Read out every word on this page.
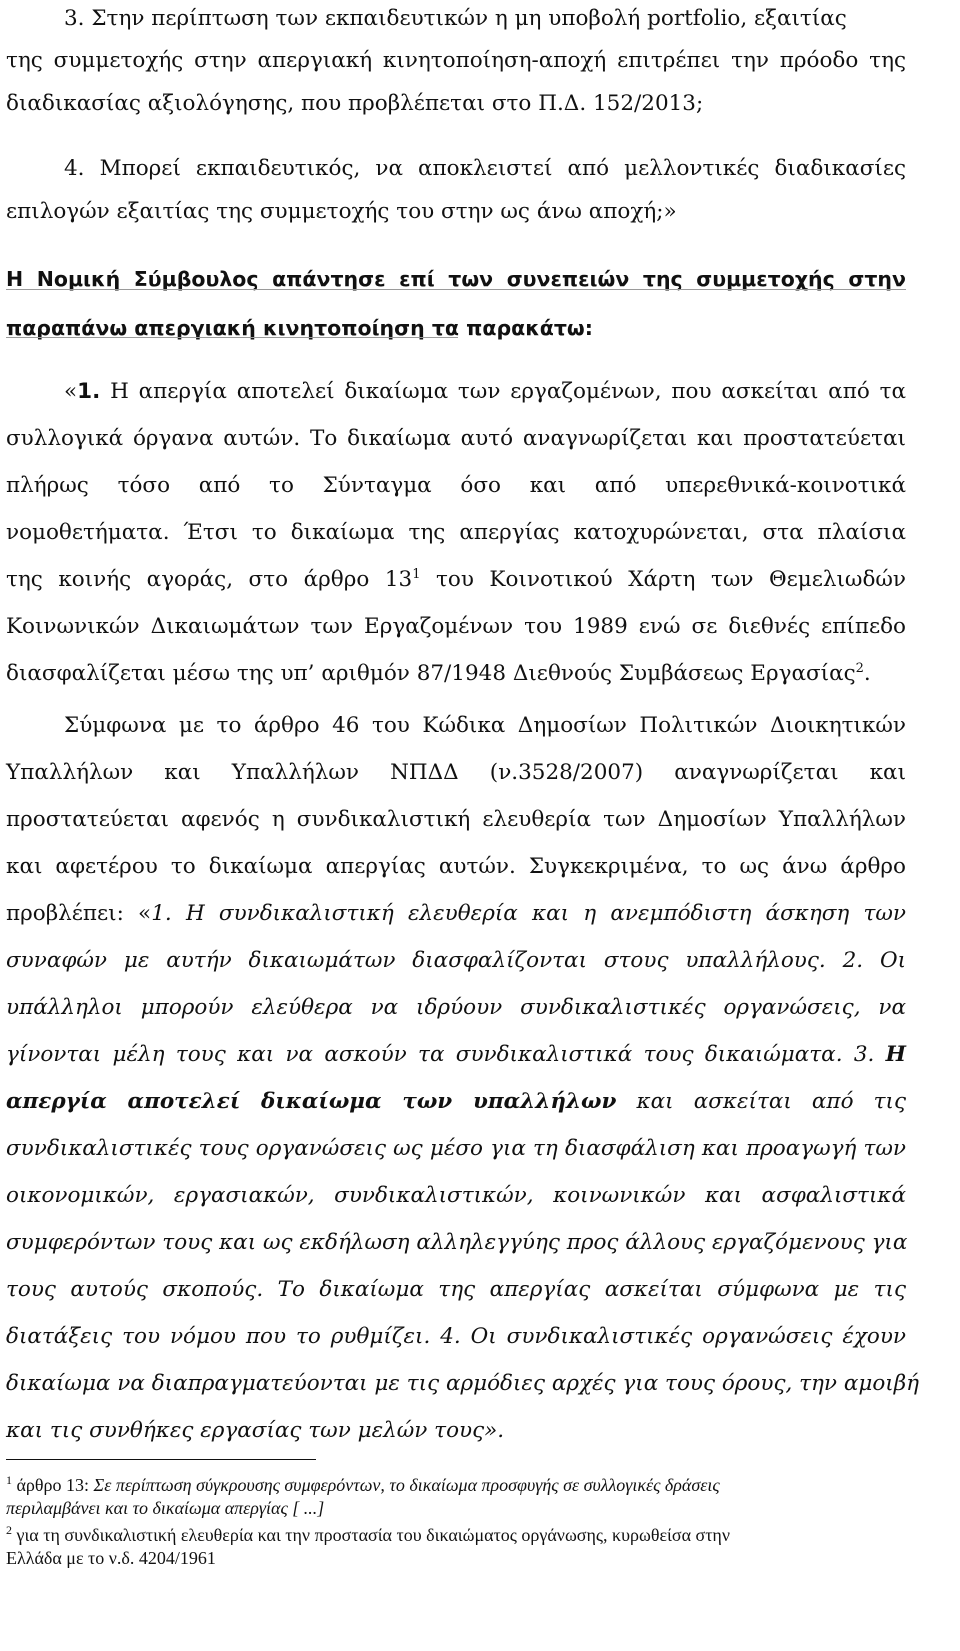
3. Στην περίπτωση των εκπαιδευτικών η μη υποβολή portfolio, εξαιτίας

της συμμετοχής στην απεργιακή κινητοποίηση-αποχή επιτρέπει την πρόοδο της

διαδικασίας αξιολόγησης, που προβλέπεται στο Π.Δ. 152/2013;

4. Μπορεί εκπαιδευτικός, να αποκλειστεί από μελλοντικές διαδικασίες

επιλογών εξαιτίας της συμμετοχής του στην ως άνω αποχή;»

Η Νομική Σύμβουλος απάντησε επί των συνεπειών της συμμετοχής στην

παραπάνω απεργιακή κινητοποίηση τα παρακάτω:

«1. Η απεργία αποτελεί δικαίωμα των εργαζομένων, που ασκείται από τα

συλλογικά όργανα αυτών. Το δικαίωμα αυτό αναγνωρίζεται και προστατεύεται

πλήρως τόσο από το Σύνταγμα όσο και από υπερεθνικά-κοινοτικά

νομοθετήματα. Έτσι το δικαίωμα της απεργίας κατοχυρώνεται, στα πλαίσια

της κοινής αγοράς, στο άρθρο $13^1$ του Κοινοτικού Χάρτη των Θεμελιωδών

Κοινωνικών Δικαιωμάτων των Εργαζομένων του 1989 ενώ σε διεθνές επίπεδο

διασφαλίζεται μέσω της υπ’ αριθμόν 87/1948 Διεθνούς Συμβάσεως Εργασίας$^2$.

Σύμφωνα με το άρθρο 46 του Κώδικα Δημοσίων Πολιτικών Διοικητικών

Υπαλλήλων και Υπαλλήλων ΝΠΔΔ (ν.3528/2007) αναγνωρίζεται και

προστατεύεται αφενός η συνδικαλιστική ελευθερία των Δημοσίων Υπαλλήλων

και αφετέρου το δικαίωμα απεργίας αυτών. Συγκεκριμένα, το ως άνω άρθρο

προβλέπει: «1. Η συνδικαλιστική ελευθερία και η ανεμπόδιστη άσκηση των

συναφών με αυτήν δικαιωμάτων διασφαλίζονται στους υπαλλήλους. 2. Οι

υπάλληλοι μπορούν ελεύθερα να ιδρύουν συνδικαλιστικές οργανώσεις, να

γίνονται μέλη τους και να ασκούν τα συνδικαλιστικά τους δικαιώματα. 3. Η

απεργία αποτελεί δικαίωμα των υπαλλήλων και ασκείται από τις

συνδικαλιστικές τους οργανώσεις ως μέσο για τη διασφάλιση και προαγωγή των

οικονομικών, εργασιακών, συνδικαλιστικών, κοινωνικών και ασφαλιστικά

συμφερόντων τους και ως εκδήλωση αλληλεγγύης προς άλλους εργαζόμενους για

τους αυτούς σκοπούς. Το δικαίωμα της απεργίας ασκείται σύμφωνα με τις

διατάξεις του νόμου που το ρυθμίζει. 4. Οι συνδικαλιστικές οργανώσεις έχουν

δικαίωμα να διαπραγματεύονται με τις αρμόδιες αρχές για τους όρους, την αμοιβή

και τις συνθήκες εργασίας των μελών τους».

$^1$ άρθρο 13: Σε περίπτωση σύγκρουσης συμφερόντων, το δικαίωμα προσφυγής σε συλλογικές δράσεις

περιλαμβάνει και το δικαίωμα απεργίας [ ...]

$^2$ για τη συνδικαλιστική ελευθερία και την προστασία του δικαιώματος οργάνωσης, κυρωθείσα στην

Ελλάδα με το ν.δ. 4204/1961
